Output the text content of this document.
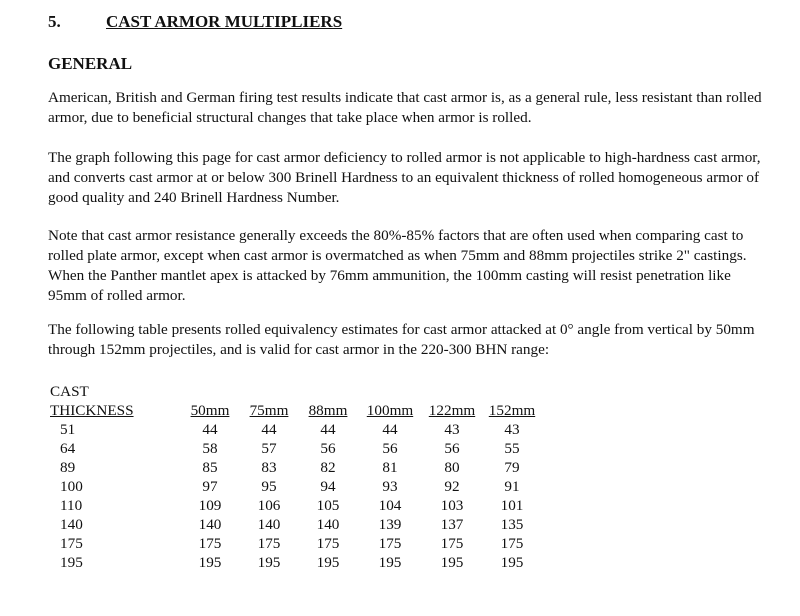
5.	CAST ARMOR MULTIPLIERS
GENERAL
American, British and German firing test results indicate that cast armor is, as a general rule, less resistant than rolled armor, due to beneficial structural changes that take place when armor is rolled.
The graph following this page for cast armor deficiency to rolled armor is not applicable to high-hardness cast armor, and converts cast armor at or below 300 Brinell Hardness to an equivalent thickness of rolled homogeneous armor of good quality and 240 Brinell Hardness Number.
Note that cast armor resistance generally exceeds the 80%-85% factors that are often used when comparing cast to rolled plate armor, except when cast armor is overmatched as when 75mm and 88mm projectiles strike 2" castings. When the Panther mantlet apex is attacked by 76mm ammunition, the 100mm casting will resist penetration like 95mm of rolled armor.
The following table presents rolled equivalency estimates for cast armor attacked at 0° angle from vertical by 50mm through 152mm projectiles, and is valid for cast armor in the 220-300 BHN range:
CAST						
THICKNESS	50mm	75mm	88mm	100mm	122mm	152mm
51	44	44	44	44	43	43
64	58	57	56	56	56	55
89	85	83	82	81	80	79
100	97	95	94	93	92	91
110	109	106	105	104	103	101
140	140	140	140	139	137	135
175	175	175	175	175	175	175
195	195	195	195	195	195	195
